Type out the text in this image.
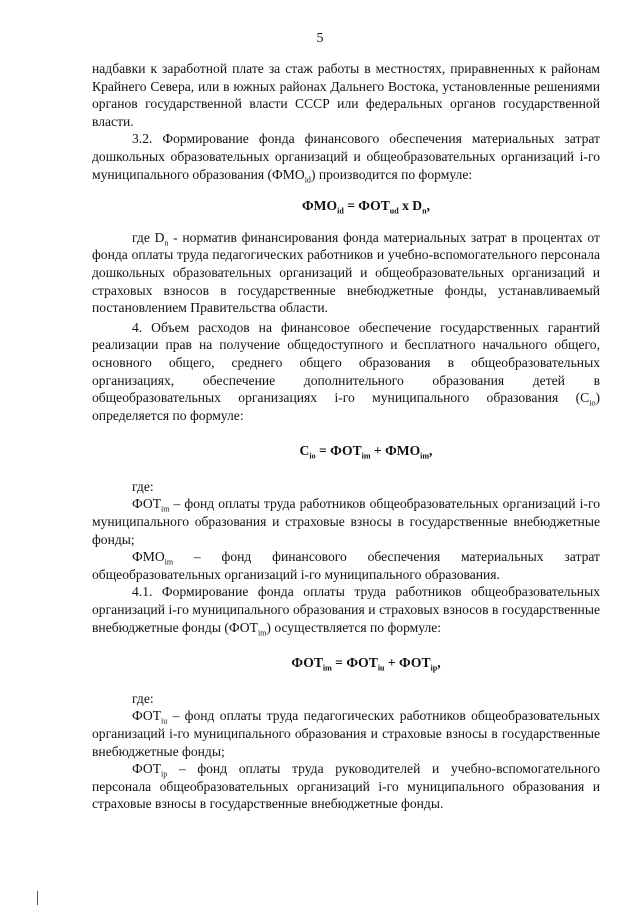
5

надбавки к заработной плате за стаж работы в местностях, приравненных к районам Крайнего Севера, или в южных районах Дальнего Востока, установленные решениями органов государственной власти СССР или федеральных органов государственной власти.

3.2. Формирование фонда финансового обеспечения материальных затрат дошкольных образовательных организаций и общеобразовательных организаций i-го муниципального образования $(ФМО_{id})$ производится по формуле:

$ФМО_{id} = ФОТ_{ud}$ x $D_n$,

где $D_n$ - норматив финансирования фонда материальных затрат в процентах от фонда оплаты труда педагогических работников и учебно-вспомогательного персонала дошкольных образовательных организаций и общеобразовательных организаций и страховых взносов в государственные внебюджетные фонды, устанавливаемый постановлением Правительства области.

4. Объем расходов на финансовое обеспечение государственных гарантий реализации прав на получение общедоступного и бесплатного начального общего, основного общего, среднего общего образования в общеобразовательных организациях, обеспечение дополнительного образования детей в общеобразовательных организациях i-го муниципального образования $(C_{io})$ определяется по формуле:

$C_{io} = ФОТ_{im} + ФМО_{im}$,

где:

$ФОТ_{im}$ – фонд оплаты труда работников общеобразовательных организаций i-го муниципального образования и страховые взносы в государственные внебюджетные фонды;

$ФМО_{im}$ – фонд финансового обеспечения материальных затрат общеобразовательных организаций i-го муниципального образования.

4.1. Формирование фонда оплаты труда работников общеобразовательных организаций i-го муниципального образования и страховых взносов в государственные внебюджетные фонды $(ФОТ_{im})$ осуществляется по формуле:

$ФОТ_{im} = ФОТ_{iu} + ФОТ_{ip}$,

где:

$ФОТ_{iu}$ – фонд оплаты труда педагогических работников общеобразовательных организаций i-го муниципального образования и страховые взносы в государственные внебюджетные фонды;

$ФОТ_{ip}$ – фонд оплаты труда руководителей и учебно-вспомогательного персонала общеобразовательных организаций i-го муниципального образования и страховые взносы в государственные внебюджетные фонды.
